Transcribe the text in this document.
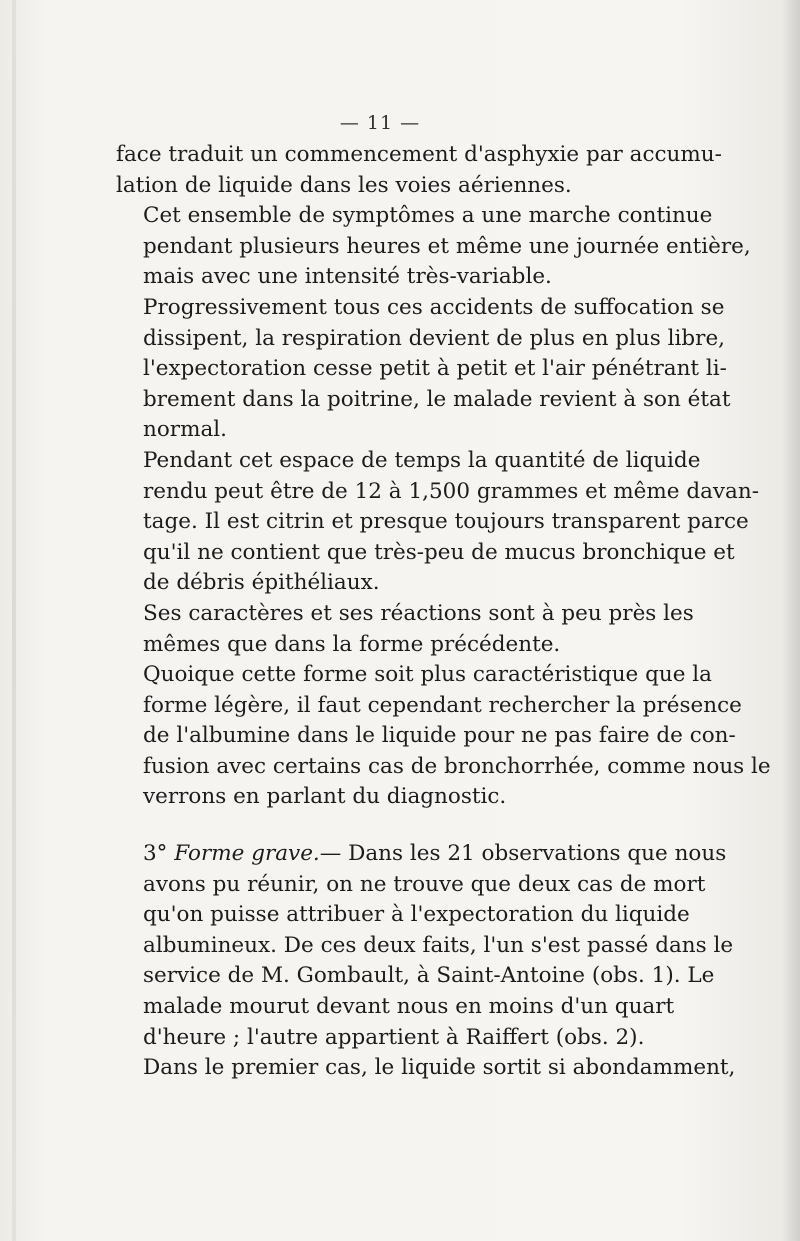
— 11 —

face traduit un commencement d'asphyxie par accumu-
lation de liquide dans les voies aériennes.

Cet ensemble de symptômes a une marche continue
pendant plusieurs heures et même une journée entière,
mais avec une intensité très-variable.

Progressivement tous ces accidents de suffocation se
dissipent, la respiration devient de plus en plus libre,
l'expectoration cesse petit à petit et l'air pénétrant li-
brement dans la poitrine, le malade revient à son état
normal.

Pendant cet espace de temps la quantité de liquide
rendu peut être de 12 à 1,500 grammes et même davan-
tage. Il est citrin et presque toujours transparent parce
qu'il ne contient que très-peu de mucus bronchique et
de débris épithéliaux.

Ses caractères et ses réactions sont à peu près les
mêmes que dans la forme précédente.

Quoique cette forme soit plus caractéristique que la
forme légère, il faut cependant rechercher la présence
de l'albumine dans le liquide pour ne pas faire de con-
fusion avec certains cas de bronchorrhée, comme nous le
verrons en parlant du diagnostic.

3° Forme grave.— Dans les 21 observations que nous
avons pu réunir, on ne trouve que deux cas de mort
qu'on puisse attribuer à l'expectoration du liquide
albumineux. De ces deux faits, l'un s'est passé dans le
service de M. Gombault, à Saint-Antoine (obs. 1). Le
malade mourut devant nous en moins d'un quart
d'heure ; l'autre appartient à Raiffert (obs. 2).

Dans le premier cas, le liquide sortit si abondamment,
